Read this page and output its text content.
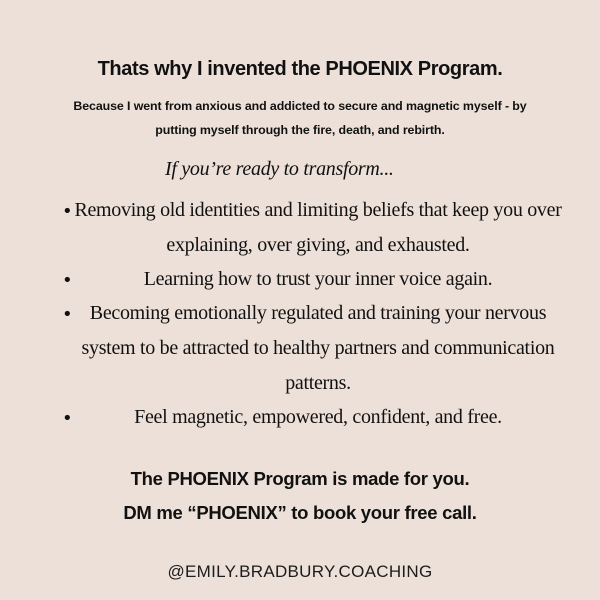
Thats why I invented the PHOENIX Program.
Because I went from anxious and addicted to secure and magnetic myself - by putting myself through the fire, death, and rebirth.
If you’re ready to transform...
• Removing old identities and limiting beliefs that keep you over explaining, over giving, and exhausted.
•	Learning how to trust your inner voice again.
• Becoming emotionally regulated and training your nervous system to be attracted to healthy partners and communication patterns.
•	Feel magnetic, empowered, confident, and free.
The PHOENIX Program is made for you.
DM me “PHOENIX” to book your free call.
@EMILY.BRADBURY.COACHING
